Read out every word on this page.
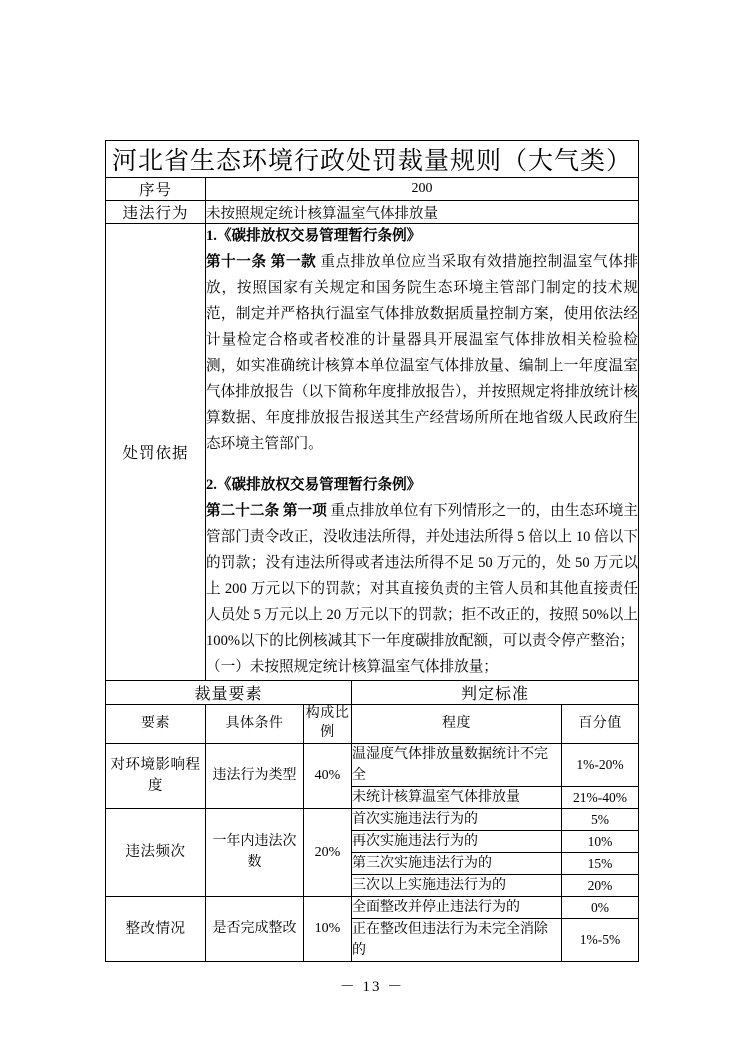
河北省生态环境行政处罚裁量规则（大气类）				
序号	200			
违法行为	未按照规定统计核算温室气体排放量			
处罚依据	1.《碳排放权交易管理暂行条例》

第十一条 第一款 重点排放单位应当采取有效措施控制温室气体排放，按照国家有关规定和国务院生态环境主管部门制定的技术规范，制定并严格执行温室气体排放数据质量控制方案，使用依法经计量检定合格或者校准的计量器具开展温室气体排放相关检验检测，如实准确统计核算本单位温室气体排放量、编制上一年度温室气体排放报告（以下简称年度排放报告），并按照规定将排放统计核算数据、年度排放报告报送其生产经营场所所在地省级人民政府生态环境主管部门。

2.《碳排放权交易管理暂行条例》

第二十二条 第一项 重点排放单位有下列情形之一的，由生态环境主管部门责令改正，没收违法所得，并处违法所得 5 倍以上 10 倍以下的罚款；没有违法所得或者违法所得不足 50 万元的，处 50 万元以上 200 万元以下的罚款；对其直接负责的主管人员和其他直接责任人员处 5 万元以上 20 万元以下的罚款；拒不改正的，按照 50%以上 100%以下的比例核减其下一年度碳排放配额，可以责令停产整治；

（一）未按照规定统计核算温室气体排放量；			

裁量要素			判定标准	
要素	具体条件	构成比例	程度	百分值
对环境影响程度	违法行为类型	40%	温湿度气体排放量数据统计不完全	1%-20%
			未统计核算温室气体排放量	21%-40%
违法频次	一年内违法次数	20%	首次实施违法行为的	5%
			再次实施违法行为的	10%
			第三次实施违法行为的	15%
			三次以上实施违法行为的	20%
整改情况	是否完成整改	10%	全面整改并停止违法行为的	0%
			正在整改但违法行为未完全消除的	1%-5%
－ 13 －
